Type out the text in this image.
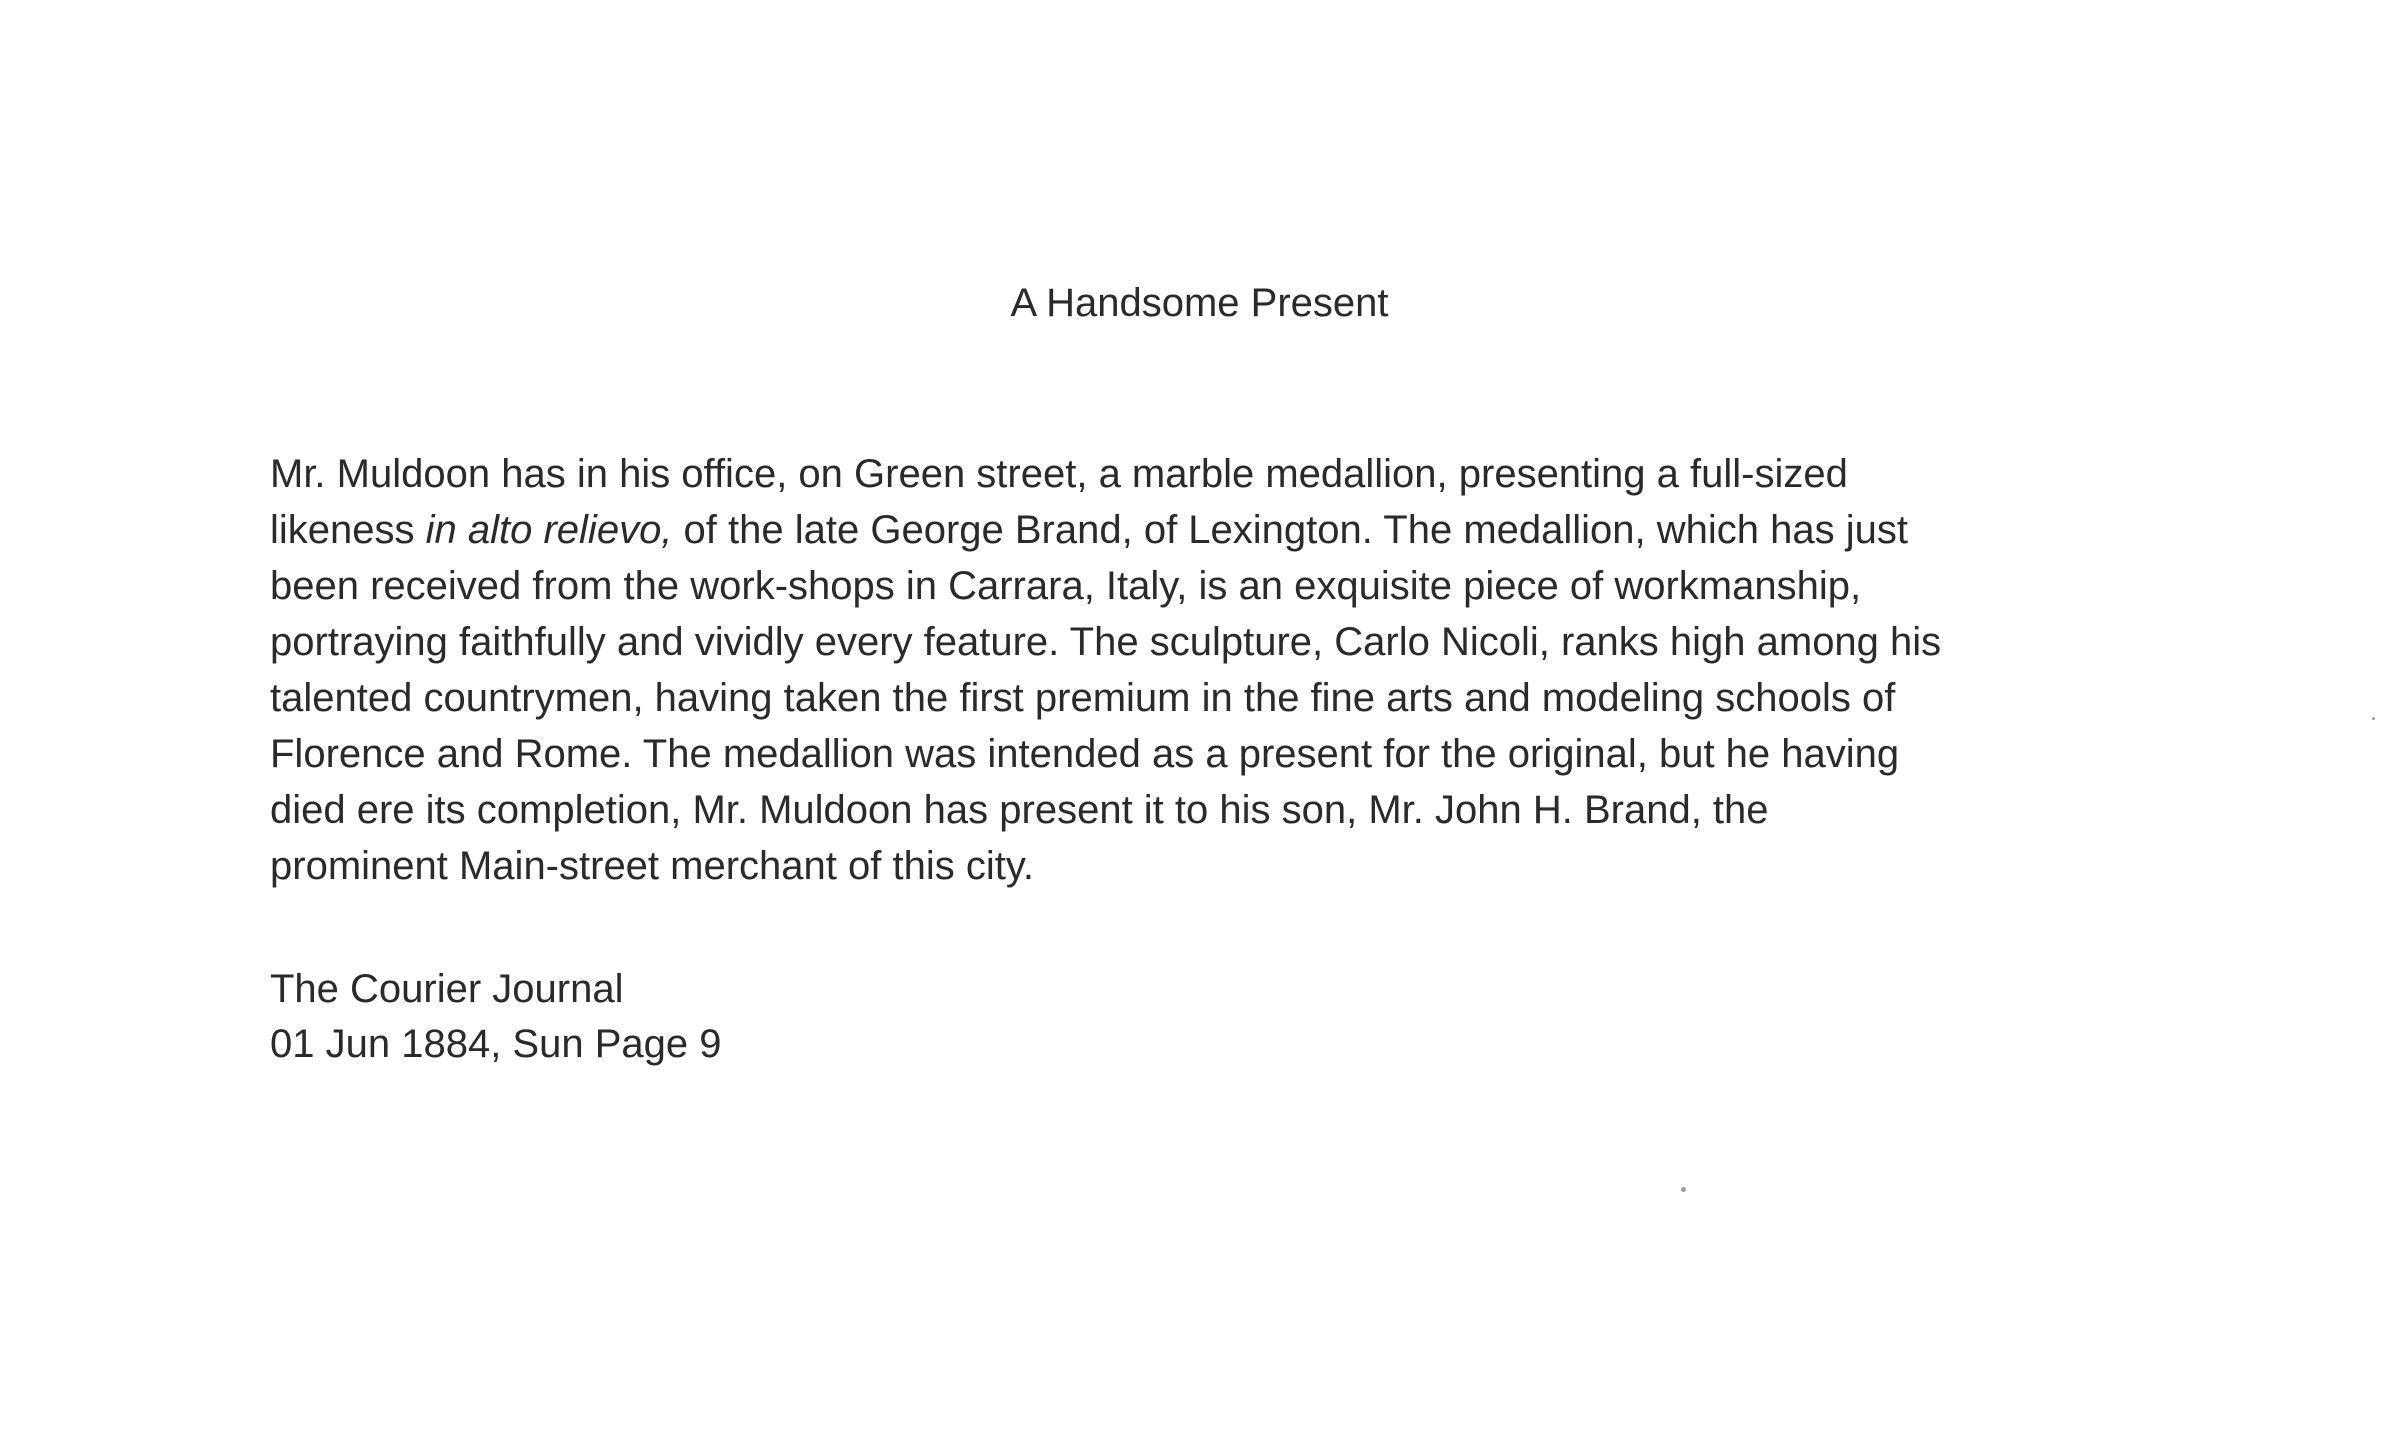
A Handsome Present
Mr. Muldoon has in his office, on Green street, a marble medallion, presenting a full-sized
likeness in alto relievo, of the late George Brand, of Lexington. The medallion, which has just
been received from the work-shops in Carrara, Italy, is an exquisite piece of workmanship,
portraying faithfully and vividly every feature. The sculpture, Carlo Nicoli, ranks high among his
talented countrymen, having taken the first premium in the fine arts and modeling schools of
Florence and Rome. The medallion was intended as a present for the original, but he having
died ere its completion, Mr. Muldoon has present it to his son, Mr. John H. Brand, the
prominent Main-street merchant of this city.
The Courier Journal
01 Jun 1884, Sun Page 9
